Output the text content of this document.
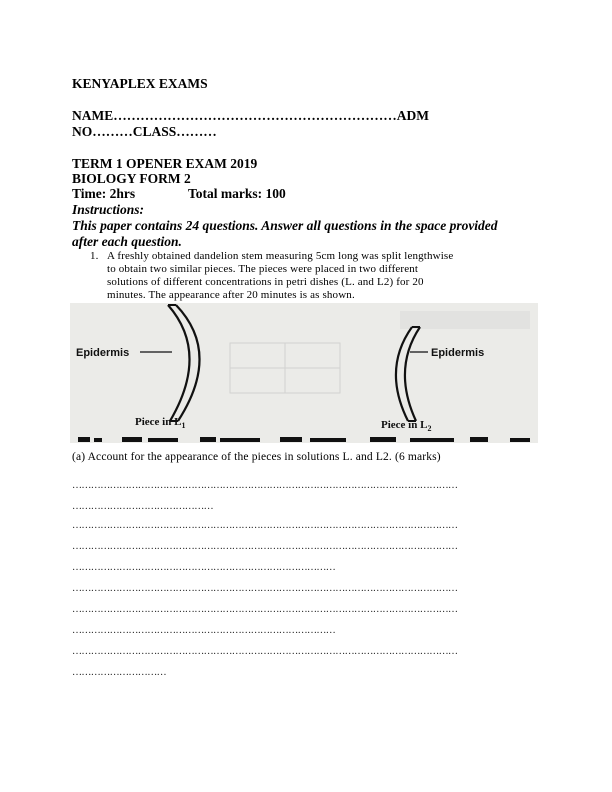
KENYAPLEX EXAMS
NAME………………………………………………………ADM
NO………CLASS………
TERM 1 OPENER EXAM 2019
BIOLOGY FORM 2
Time: 2hrs	Total marks: 100
Instructions:
This paper contains 24 questions. Answer all questions in the space provided
after each question.
1. A freshly obtained dandelion stem measuring 5cm long was split lengthwise
to obtain two similar pieces. The pieces were placed in two different
solutions of different concentrations in petri dishes (L. and L2) for 20
minutes. The appearance after 20 minutes is as shown.
Epidermis	Epidermis
Piece in $L_1$	Piece in $L_2$
(a) Account for the appearance of the pieces in solutions L. and L2. (6 marks)
……………………………………………………………………………………………………………
………………………………………
……………………………………………………………………………………………………………
……………………………………………………………………………………………………………
…………………………………………………………………………
……………………………………………………………………………………………………………
……………………………………………………………………………………………………………
…………………………………………………………………………
……………………………………………………………………………………………………………
…………………………
